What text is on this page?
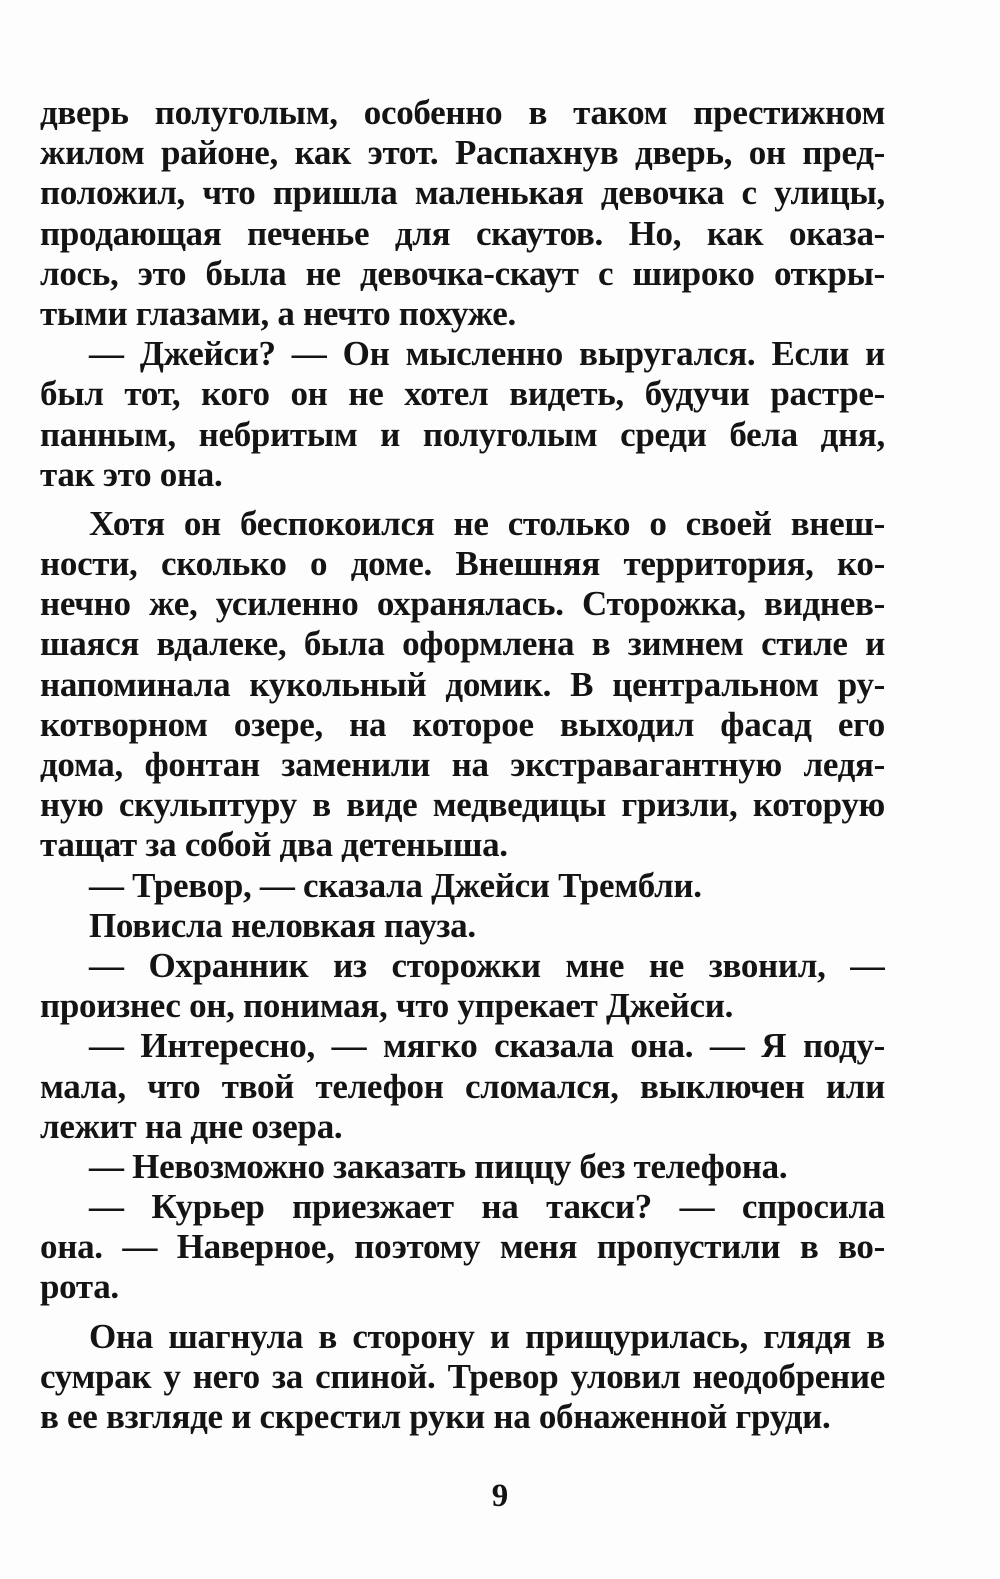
дверь полуголым, особенно в таком престижном
жилом районе, как этот. Распахнув дверь, он пред-
положил, что пришла маленькая девочка с улицы,
продающая печенье для скаутов. Но, как оказа-
лось, это была не девочка-скаут с широко откры-
тыми глазами, а нечто похуже.
— Джейси? — Он мысленно выругался. Если и
был тот, кого он не хотел видеть, будучи растре-
панным, небритым и полуголым среди бела дня,
так это она.
Хотя он беспокоился не столько о своей внеш-
ности, сколько о доме. Внешняя территория, ко-
нечно же, усиленно охранялась. Сторожка, виднев-
шаяся вдалеке, была оформлена в зимнем стиле и
напоминала кукольный домик. В центральном ру-
котворном озере, на которое выходил фасад его
дома, фонтан заменили на экстравагантную ледя-
ную скульптуру в виде медведицы гризли, которую
тащат за собой два детеныша.
— Тревор, — сказала Джейси Трембли.
Повисла неловкая пауза.
— Охранник из сторожки мне не звонил, —
произнес он, понимая, что упрекает Джейси.
— Интересно, — мягко сказала она. — Я поду-
мала, что твой телефон сломался, выключен или
лежит на дне озера.
— Невозможно заказать пиццу без телефона.
— Курьер приезжает на такси? — спросила
она. — Наверное, поэтому меня пропустили в во-
рота.
Она шагнула в сторону и прищурилась, глядя в
сумрак у него за спиной. Тревор уловил неодобрение
в ее взгляде и скрестил руки на обнаженной груди.
9
